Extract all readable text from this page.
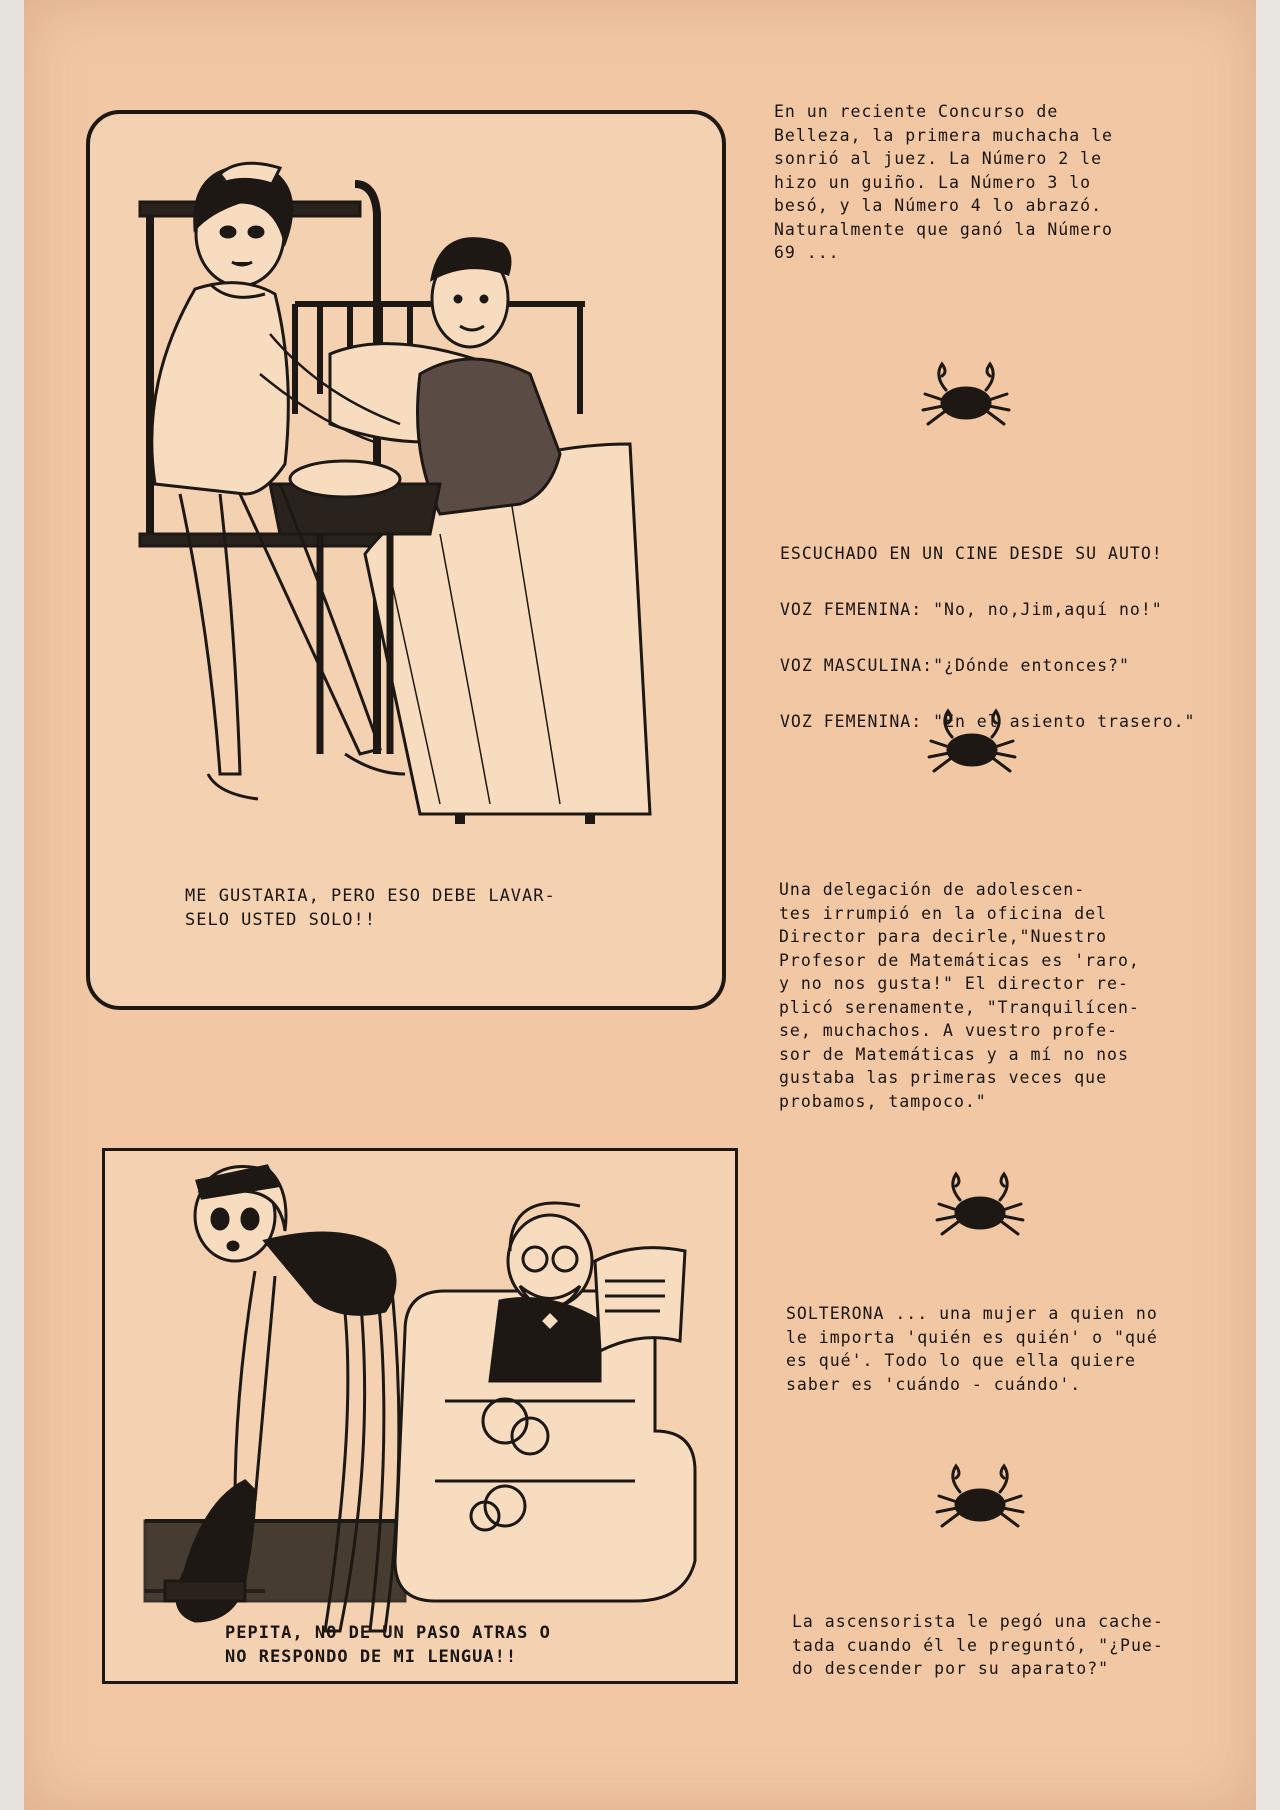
ME GUSTARIA, PERO ESO DEBE LAVAR-
SELO USTED SOLO!!
PEPITA, NO DE UN PASO ATRAS O
NO RESPONDO DE MI LENGUA!!
En un reciente Concurso de
Belleza, la primera muchacha le
sonrió al juez. La Número 2 le
hizo un guiño. La Número 3 lo
besó, y la Número 4 lo abrazó.
Naturalmente que ganó la Número
69 ...

ESCUCHADO EN UN CINE DESDE SU AUTO!

VOZ FEMENINA: "No, no,Jim,aquí no!"

VOZ MASCULINA:"¿Dónde entonces?"

VOZ FEMENINA: "En el asiento trasero."

Una delegación de adolescen-
tes irrumpió en la oficina del
Director para decirle,"Nuestro
Profesor de Matemáticas es 'raro,
y no nos gusta!" El director re-
plicó serenamente, "Tranquilícen-
se, muchachos. A vuestro profe-
sor de Matemáticas y a mí no nos
gustaba las primeras veces que
probamos, tampoco."
SOLTERONA ... una mujer a quien no
le importa 'quién es quién' o "qué
es qué'. Todo lo que ella quiere
saber es 'cuándo - cuándo'.
La ascensorista le pegó una cache-
tada cuando él le preguntó, "¿Pue-
do descender por su aparato?"
